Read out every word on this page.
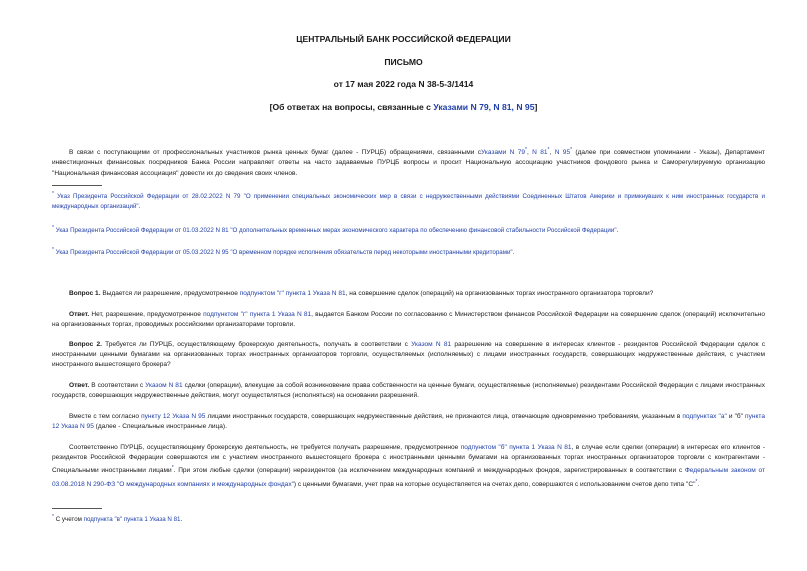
ЦЕНТРАЛЬНЫЙ БАНК РОССИЙСКОЙ ФЕДЕРАЦИИ
ПИСЬМО
от 17 мая 2022 года N 38-5-3/1414
[Об ответах на вопросы, связанные с Указами N 79, N 81, N 95]
В связи с поступающими от профессиональных участников рынка ценных бумаг (далее - ПУРЦБ) обращениями, связанными сУказами N 79*, N 81*, N 95* (далее при совместном упоминании - Указы), Департамент инвестиционных финансовых посредников Банка России направляет ответы на часто задаваемые ПУРЦБ вопросы и просит Национальную ассоциацию участников фондового рынка и Саморегулируемую организацию "Национальная финансовая ассоциация" довести их до сведения своих членов.
* Указ Президента Российской Федерации от 28.02.2022 N 79 "О применении специальных экономических мер в связи с недружественными действиями Соединенных Штатов Америки и примкнувших к ним иностранных государств и международных организаций".
* Указ Президента Российской Федерации от 01.03.2022 N 81 "О дополнительных временных мерах экономического характера по обеспечению финансовой стабильности Российской Федерации".
* Указ Президента Российской Федерации от 05.03.2022 N 95 "О временном порядке исполнения обязательств перед некоторыми иностранными кредиторами".
Вопрос 1. Выдается ли разрешение, предусмотренное подпунктом "г" пункта 1 Указа N 81, на совершение сделок (операций) на организованных торгах иностранного организатора торговли?
Ответ. Нет, разрешение, предусмотренное подпунктом "г" пункта 1 Указа N 81, выдается Банком России по согласованию с Министерством финансов Российской Федерации на совершение сделок (операций) исключительно на организованных торгах, проводимых российскими организаторами торговли.
Вопрос 2. Требуется ли ПУРЦБ, осуществляющему брокерскую деятельность, получать в соответствии с Указом N 81 разрешение на совершение в интересах клиентов - резидентов Российской Федерации сделок с иностранными ценными бумагами на организованных торгах иностранных организаторов торговли, осуществляемых (исполняемых) с лицами иностранных государств, совершающих недружественные действия, с участием иностранного вышестоящего брокера?
Ответ. В соответствии с Указом N 81 сделки (операции), влекущие за собой возникновение права собственности на ценные бумаги, осуществляемые (исполняемые) резидентами Российской Федерации с лицами иностранных государств, совершающих недружественные действия, могут осуществляться (исполняться) на основании разрешений.
Вместе с тем согласно пункту 12 Указа N 95 лицами иностранных государств, совершающих недружественные действия, не признаются лица, отвечающие одновременно требованиям, указанным в подпунктах "а" и "б" пункта 12 Указа N 95 (далее - Специальные иностранные лица).
Соответственно ПУРЦБ, осуществляющему брокерскую деятельность, не требуется получать разрешение, предусмотренное подпунктом "б" пункта 1 Указа N 81, в случае если сделки (операции) в интересах его клиентов - резидентов Российской Федерации совершаются им с участием иностранного вышестоящего брокера с иностранными ценными бумагами на организованных торгах иностранных организаторов торговли с контрагентами - Специальными иностранными лицами*. При этом любые сделки (операции) нерезидентов (за исключением международных компаний и международных фондов, зарегистрированных в соответствии с Федеральным законом от 03.08.2018 N 290-ФЗ "О международных компаниях и международных фондах") с ценными бумагами, учет прав на которые осуществляется на счетах депо, совершаются с использованием счетов депо типа "С"*.
* С учетом подпункта "в" пункта 1 Указа N 81.
